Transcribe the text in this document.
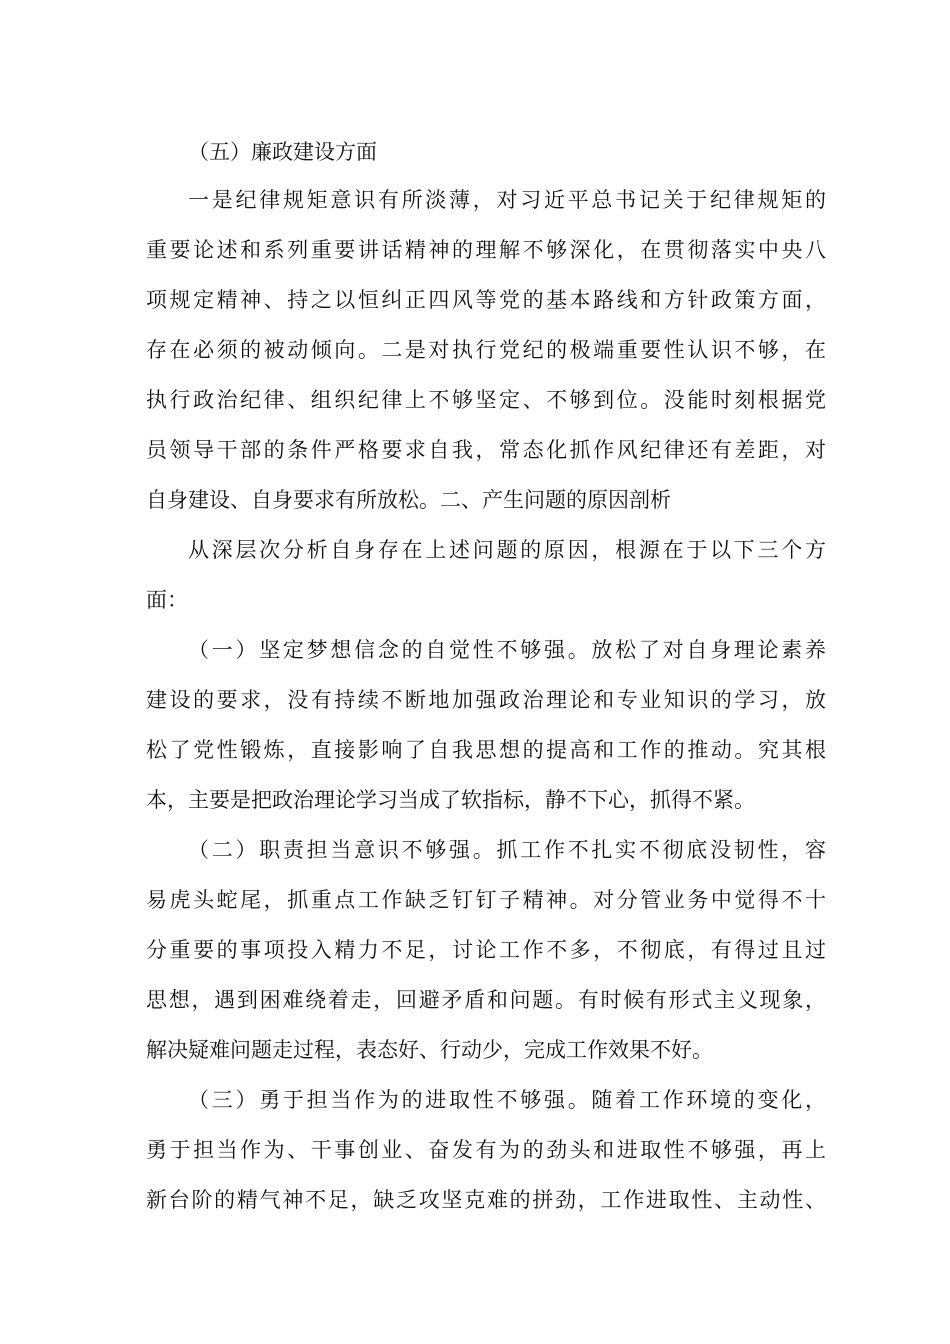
（五）廉政建设方面
一是纪律规矩意识有所淡薄，对习近平总书记关于纪律规矩的
重要论述和系列重要讲话精神的理解不够深化，在贯彻落实中央八
项规定精神、持之以恒纠正四风等党的基本路线和方针政策方面，
存在必须的被动倾向。二是对执行党纪的极端重要性认识不够，在
执行政治纪律、组织纪律上不够坚定、不够到位。没能时刻根据党
员领导干部的条件严格要求自我，常态化抓作风纪律还有差距，对
自身建设、自身要求有所放松。二、产生问题的原因剖析
从深层次分析自身存在上述问题的原因，根源在于以下三个方
面：
（一）坚定梦想信念的自觉性不够强。放松了对自身理论素养
建设的要求，没有持续不断地加强政治理论和专业知识的学习，放
松了党性锻炼，直接影响了自我思想的提高和工作的推动。究其根
本，主要是把政治理论学习当成了软指标，静不下心，抓得不紧。
（二）职责担当意识不够强。抓工作不扎实不彻底没韧性，容
易虎头蛇尾，抓重点工作缺乏钉钉子精神。对分管业务中觉得不十
分重要的事项投入精力不足，讨论工作不多，不彻底，有得过且过
思想，遇到困难绕着走，回避矛盾和问题。有时候有形式主义现象，
解决疑难问题走过程，表态好、行动少，完成工作效果不好。
（三）勇于担当作为的进取性不够强。随着工作环境的变化，
勇于担当作为、干事创业、奋发有为的劲头和进取性不够强，再上
新台阶的精气神不足，缺乏攻坚克难的拼劲，工作进取性、主动性、
